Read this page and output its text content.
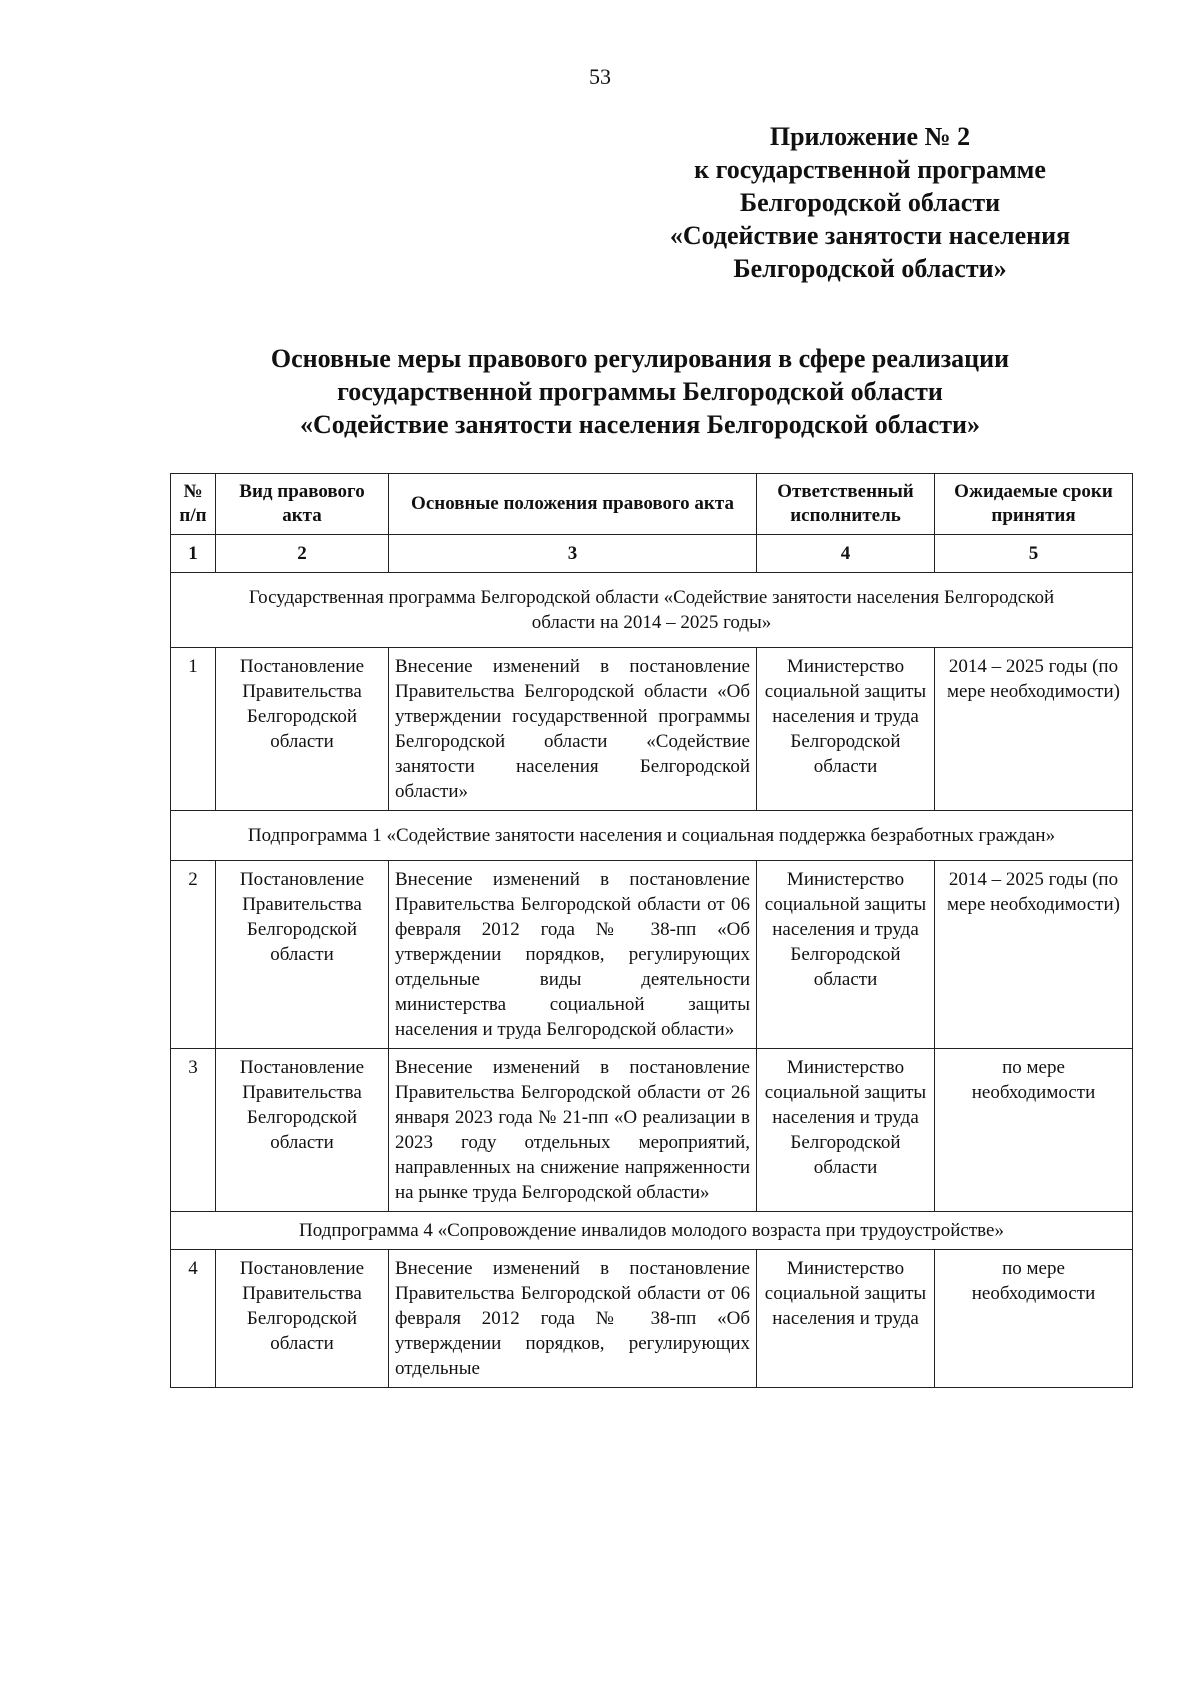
53
Приложение № 2
к государственной программе
Белгородской области
«Содействие занятости населения
Белгородской области»
Основные меры правового регулирования в сфере реализации
государственной программы Белгородской области
«Содействие занятости населения Белгородской области»
№ п/п	Вид правового акта	Основные положения правового акта	Ответственный исполнитель	Ожидаемые сроки принятия
1	2	3	4	5
Государственная программа Белгородской области «Содействие занятости населения Белгородской области на 2014 – 2025 годы»				
1	Постановление Правительства Белгородской области	Внесение изменений в постановление Правительства Белгородской области «Об утверждении государственной программы Белгородской области «Содействие занятости населения Белгородской области»	Министерство социальной защиты населения и труда Белгородской области	2014 – 2025 годы (по мере необходимости)
Подпрограмма 1 «Содействие занятости населения и социальная поддержка безработных граждан»				
2	Постановление Правительства Белгородской области	Внесение изменений в постановление Правительства Белгородской области от 06 февраля 2012 года № 38-пп «Об утверждении порядков, регулирующих отдельные виды деятельности министерства социальной защиты населения и труда Белгородской области»	Министерство социальной защиты населения и труда Белгородской области	2014 – 2025 годы (по мере необходимости)
3	Постановление Правительства Белгородской области	Внесение изменений в постановление Правительства Белгородской области от 26 января 2023 года № 21-пп «О реализации в 2023 году отдельных мероприятий, направленных на снижение напряженности на рынке труда Белгородской области»	Министерство социальной защиты населения и труда Белгородской области	по мере необходимости
Подпрограмма 4 «Сопровождение инвалидов молодого возраста при трудоустройстве»				
4	Постановление Правительства Белгородской области	Внесение изменений в постановление Правительства Белгородской области от 06 февраля 2012 года № 38-пп «Об утверждении порядков, регулирующих отдельные	Министерство социальной защиты населения и труда	по мере необходимости
